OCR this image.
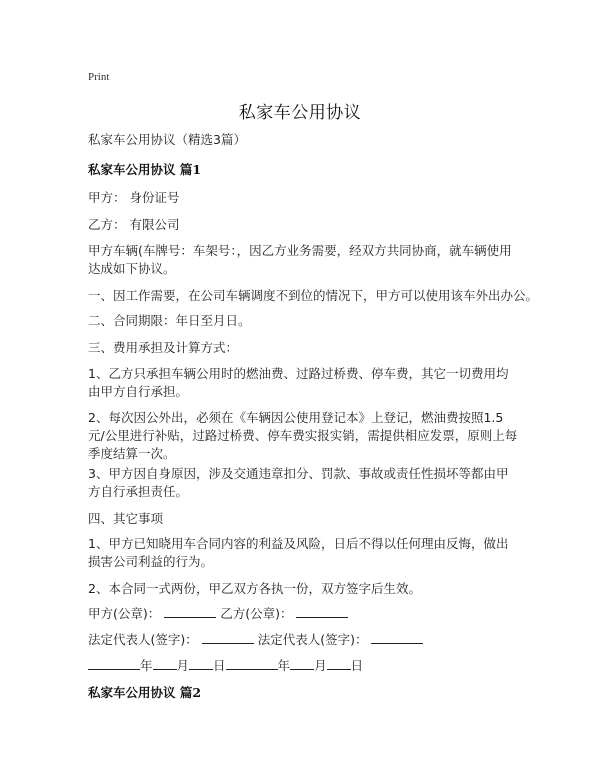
Print
私家车公用协议
私家车公用协议（精选3篇）
私家车公用协议 篇1
甲方： 身份证号
乙方： 有限公司
甲方车辆(车牌号：车架号：，因乙方业务需要，经双方共同协商，就车辆使用达成如下协议。
一、因工作需要，在公司车辆调度不到位的情况下，甲方可以使用该车外出办公。
二、合同期限：年日至月日。
三、费用承担及计算方式：
1、乙方只承担车辆公用时的燃油费、过路过桥费、停车费，其它一切费用均由甲方自行承担。
2、每次因公外出，必须在《车辆因公使用登记本》上登记，燃油费按照1.5元/公里进行补贴，过路过桥费、停车费实报实销，需提供相应发票，原则上每季度结算一次。
3、甲方因自身原因，涉及交通违章扣分、罚款、事故或责任性损坏等都由甲方自行承担责任。
四、其它事项
1、甲方已知晓用车合同内容的利益及风险，日后不得以任何理由反悔，做出损害公司利益的行为。
2、本合同一式两份，甲乙双方各执一份，双方签字后生效。
甲方(公章)：	乙方(公章)：
法定代表人(签字)：	法定代表人(签字)：
年 月 日	年 月 日
私家车公用协议 篇2
